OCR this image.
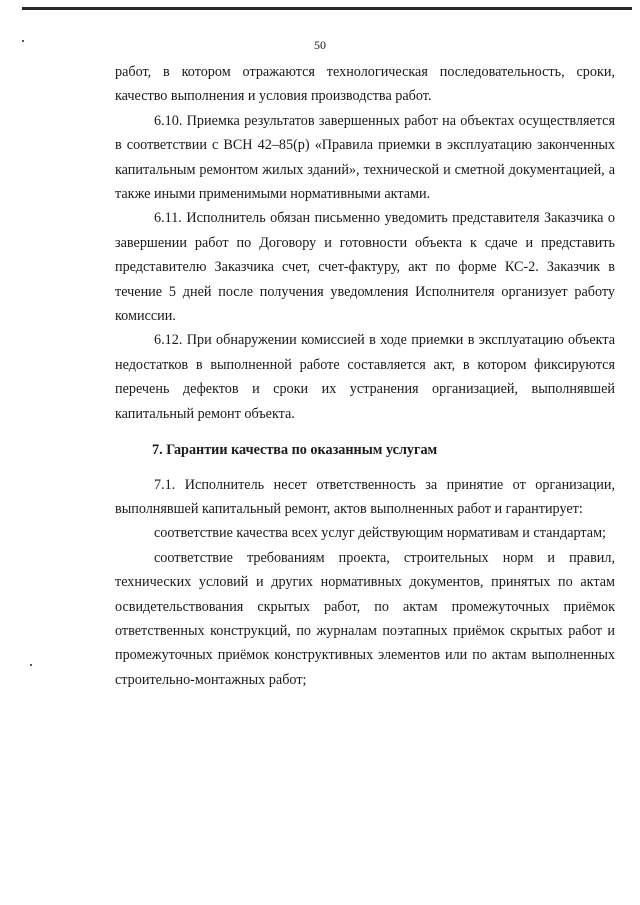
50

работ, в котором отражаются технологическая последовательность, сроки, качество выполнения и условия производства работ.

6.10. Приемка результатов завершенных работ на объектах осуществляется в соответствии с ВСН 42–85(р) «Правила приемки в эксплуатацию законченных капитальным ремонтом жилых зданий», технической и сметной документацией, а также иными применимыми нормативными актами.

6.11. Исполнитель обязан письменно уведомить представителя Заказчика о завершении работ по Договору и готовности объекта к сдаче и представить представителю Заказчика счет, счет-фактуру, акт по форме КС-2. Заказчик в течение 5 дней после получения уведомления Исполнителя организует работу комиссии.

6.12. При обнаружении комиссией в ходе приемки в эксплуатацию объекта недостатков в выполненной работе составляется акт, в котором фиксируются перечень дефектов и сроки их устранения организацией, выполнявшей капитальный ремонт объекта.

7. Гарантии качества по оказанным услугам

7.1. Исполнитель несет ответственность за принятие от организации, выполнявшей капитальный ремонт, актов выполненных работ и гарантирует:

соответствие качества всех услуг действующим нормативам и стандартам;

соответствие требованиям проекта, строительных норм и правил, технических условий и других нормативных документов, принятых по актам освидетельствования скрытых работ, по актам промежуточных приёмок ответственных конструкций, по журналам поэтапных приёмок скрытых работ и промежуточных приёмок конструктивных элементов или по актам выполненных строительно-монтажных работ;
